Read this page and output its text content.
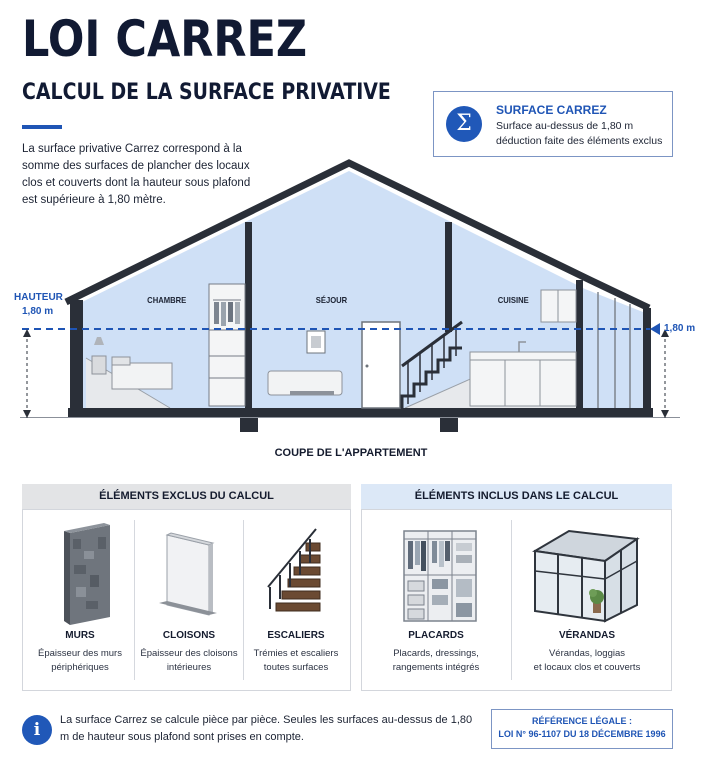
LOI CARREZ
CALCUL DE LA SURFACE PRIVATIVE
La surface privative Carrez correspond à la somme des surfaces de plancher des locaux clos et couverts dont la hauteur sous plafond est supérieure à 1,80 mètre.
Σ
SURFACE CARREZ
Surface au-dessus de 1,80 m
déduction faite des éléments exclus
HAUTEUR
1,80 m
1,80 m
CHAMBRE	SÉJOUR	CUISINE
COUPE DE L'APPARTEMENT
ÉLÉMENTS EXCLUS DU CALCUL
MURS
Épaisseur des murs
périphériques
CLOISONS
Épaisseur des cloisons
intérieures
ESCALIERS
Trémies et escaliers
toutes surfaces
ÉLÉMENTS INCLUS DANS LE CALCUL
PLACARDS
Placards, dressings,
rangements intégrés
VÉRANDAS
Vérandas, loggias
et locaux clos et couverts
i	La surface Carrez se calcule pièce par pièce. Seules les surfaces au-dessus de 1,80 m de hauteur sous plafond sont prises en compte.
RÉFÉRENCE LÉGALE :
LOI N° 96-1107 DU 18 DÉCEMBRE 1996
